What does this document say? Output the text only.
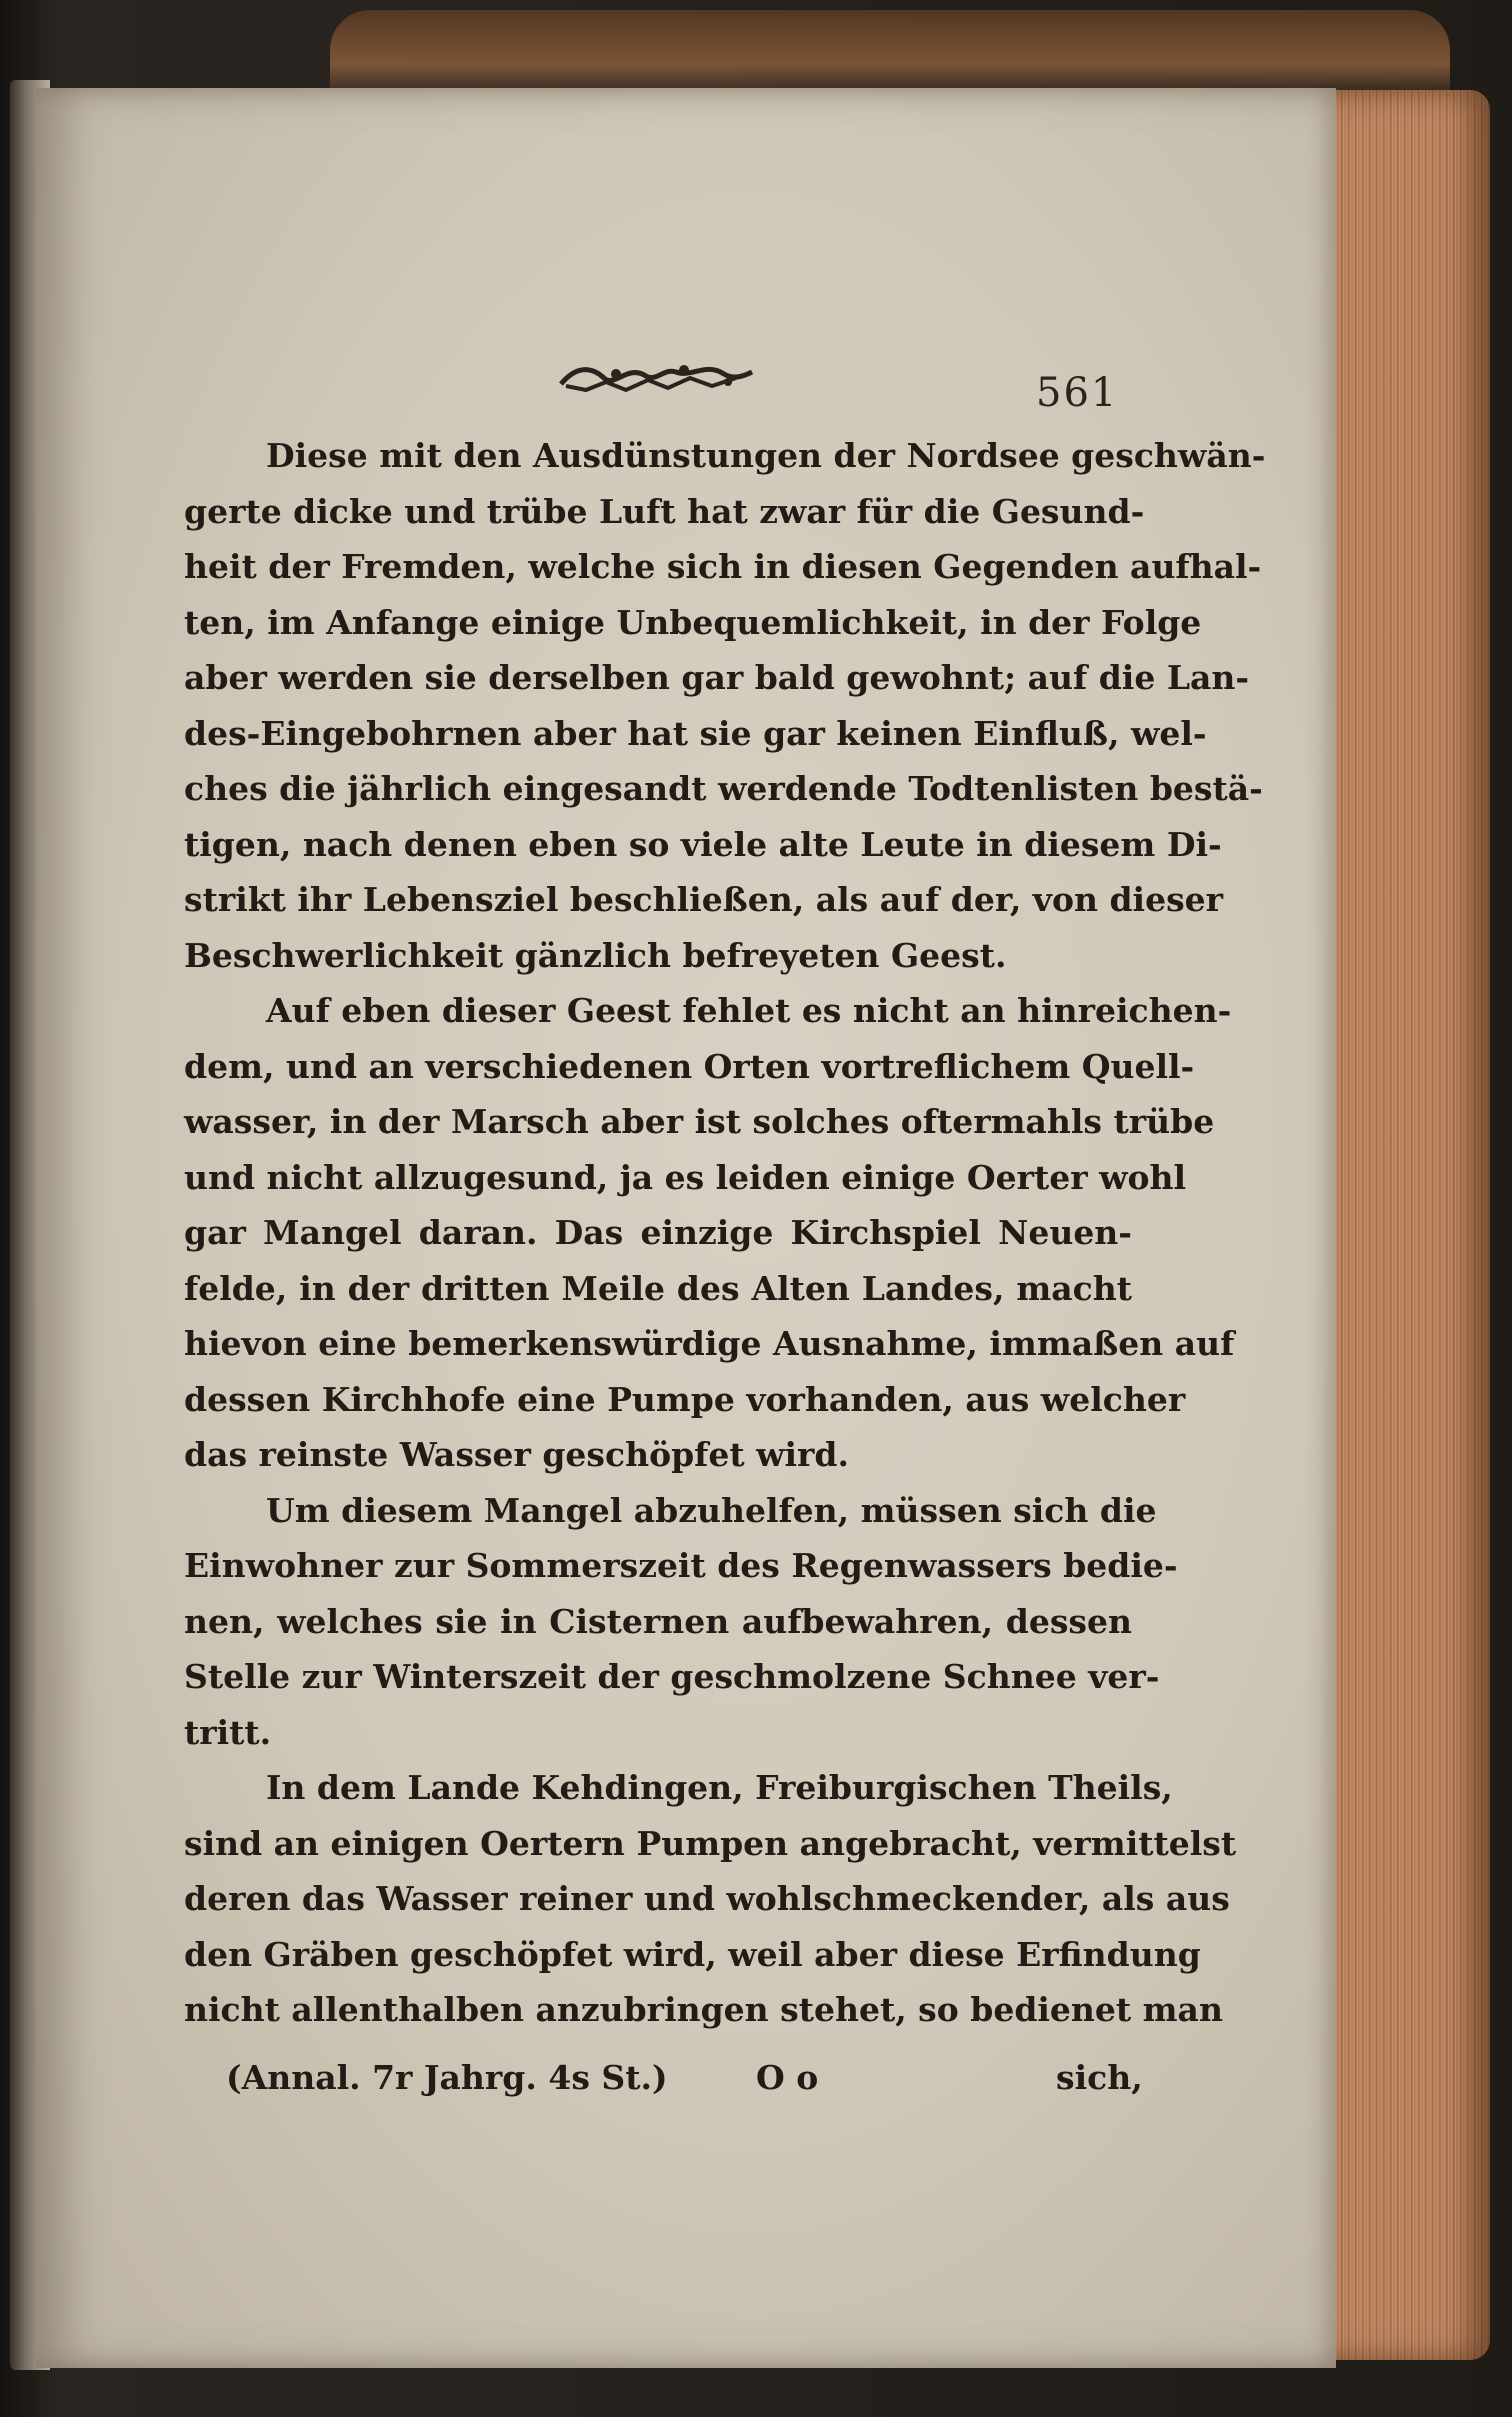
561
Diese mit den Ausdünstungen der Nordsee geschwän-
gerte dicke und trübe Luft hat zwar für die Gesund-
heit der Fremden, welche sich in diesen Gegenden aufhal-
ten, im Anfange einige Unbequemlichkeit, in der Folge
aber werden sie derselben gar bald gewohnt; auf die Lan-
des-Eingebohrnen aber hat sie gar keinen Einfluß, wel-
ches die jährlich eingesandt werdende Todtenlisten bestä-
tigen, nach denen eben so viele alte Leute in diesem Di-
strikt ihr Lebensziel beschließen, als auf der, von dieser
Beschwerlichkeit gänzlich befreyeten Geest.
Auf eben dieser Geest fehlet es nicht an hinreichen-
dem, und an verschiedenen Orten vortreflichem Quell-
wasser, in der Marsch aber ist solches oftermahls trübe
und nicht allzugesund, ja es leiden einige Oerter wohl
gar Mangel daran. Das einzige Kirchspiel Neuen-
felde, in der dritten Meile des Alten Landes, macht
hievon eine bemerkenswürdige Ausnahme, immaßen auf
dessen Kirchhofe eine Pumpe vorhanden, aus welcher
das reinste Wasser geschöpfet wird.
Um diesem Mangel abzuhelfen, müssen sich die
Einwohner zur Sommerszeit des Regenwassers bedie-
nen, welches sie in Cisternen aufbewahren, dessen
Stelle zur Winterszeit der geschmolzene Schnee ver-
tritt.
In dem Lande Kehdingen, Freiburgischen Theils,
sind an einigen Oertern Pumpen angebracht, vermittelst
deren das Wasser reiner und wohlschmeckender, als aus
den Gräben geschöpfet wird, weil aber diese Erfindung
nicht allenthalben anzubringen stehet, so bedienet man
(Annal. 7r Jahrg. 4s St.)	O o	sich,
